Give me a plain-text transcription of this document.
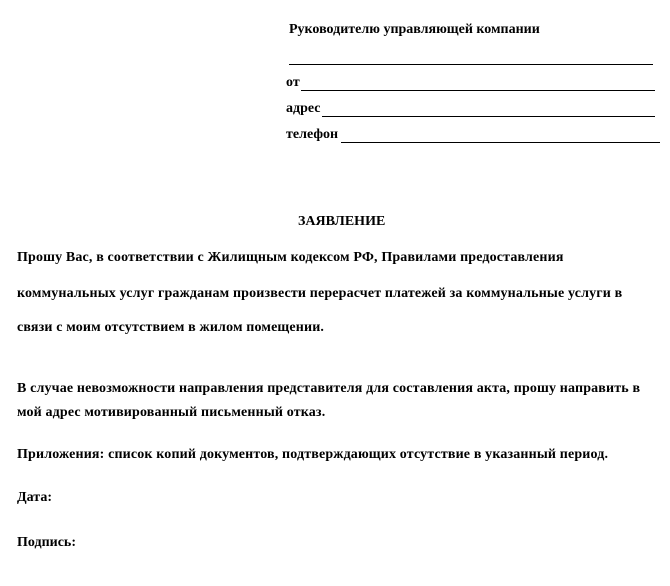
Руководителю управляющей компании
от
адрес
телефон
ЗАЯВЛЕНИЕ
Прошу Вас, в соответствии с Жилищным кодексом РФ, Правилами предоставления
коммунальных услуг гражданам произвести перерасчет платежей за коммунальные услуги в
связи с моим отсутствием в жилом помещении.
В случае невозможности направления представителя для составления акта, прошу направить в
мой адрес мотивированный письменный отказ.
Приложения: список копий документов, подтверждающих отсутствие в указанный период.
Дата:
Подпись:
